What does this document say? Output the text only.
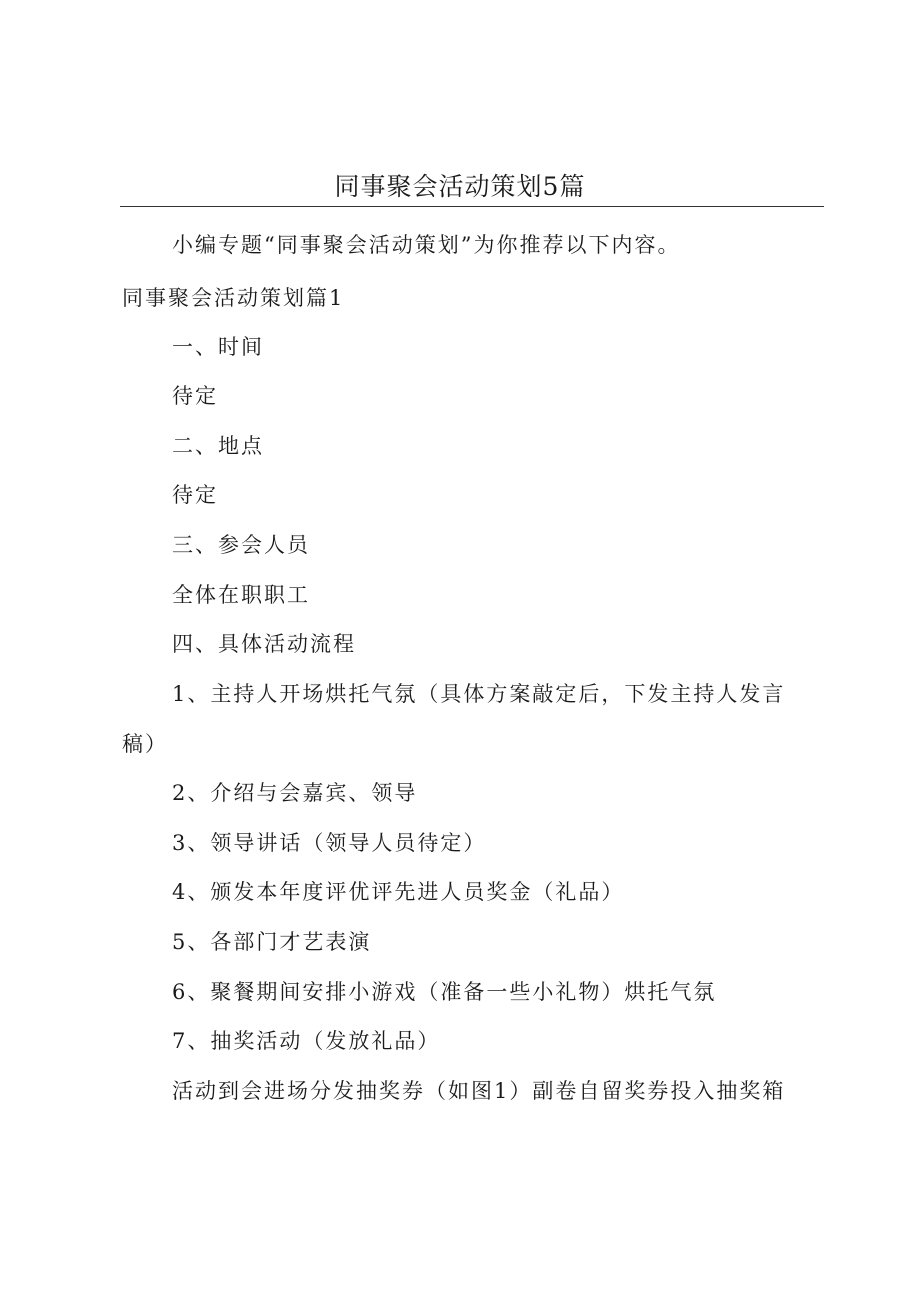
同事聚会活动策划5篇
小编专题“同事聚会活动策划”为你推荐以下内容。
同事聚会活动策划篇1
一、时间
待定
二、地点
待定
三、参会人员
全体在职职工
四、具体活动流程
1、主持人开场烘托气氛（具体方案敲定后，下发主持人发言
稿）
2、介绍与会嘉宾、领导
3、领导讲话（领导人员待定）
4、颁发本年度评优评先进人员奖金（礼品）
5、各部门才艺表演
6、聚餐期间安排小游戏（准备一些小礼物）烘托气氛
7、抽奖活动（发放礼品）
活动到会进场分发抽奖券（如图1）副卷自留奖券投入抽奖箱
